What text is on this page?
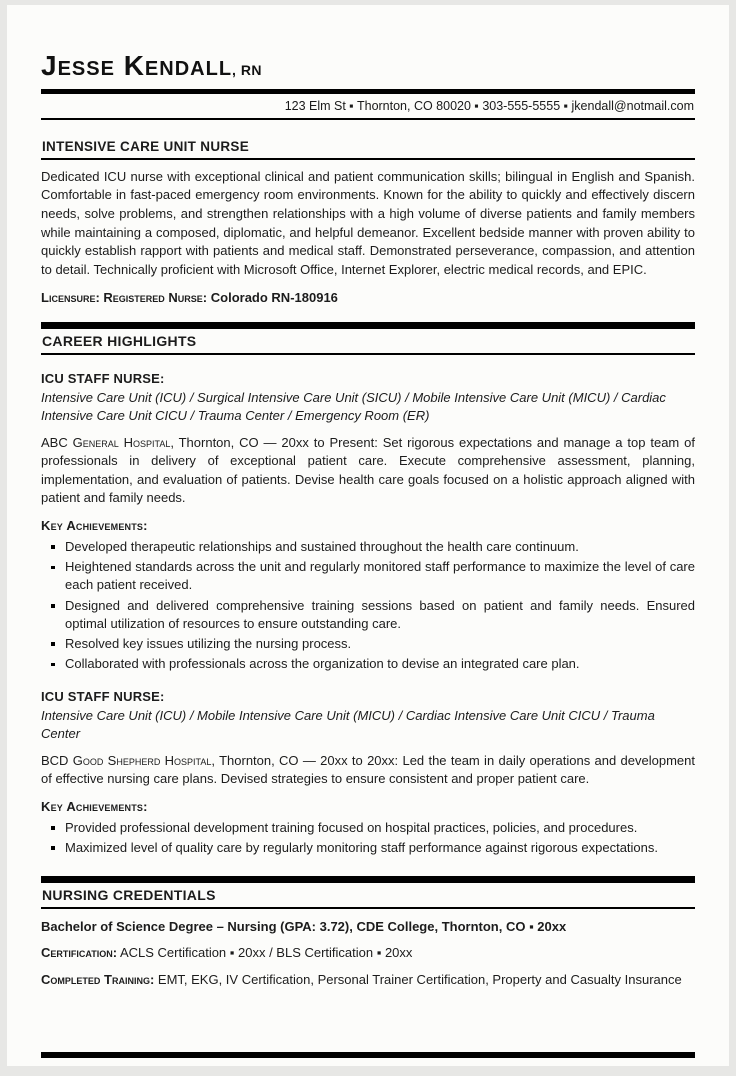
Jesse Kendall, RN
123 Elm St ▪ Thornton, CO 80020 ▪ 303-555-5555 ▪ jkendall@notmail.com
INTENSIVE CARE UNIT NURSE

Dedicated ICU nurse with exceptional clinical and patient communication skills; bilingual in English and Spanish. Comfortable in fast-paced emergency room environments. Known for the ability to quickly and effectively discern needs, solve problems, and strengthen relationships with a high volume of diverse patients and family members while maintaining a composed, diplomatic, and helpful demeanor. Excellent bedside manner with proven ability to quickly establish rapport with patients and medical staff. Demonstrated perseverance, compassion, and attention to detail. Technically proficient with Microsoft Office, Internet Explorer, electric medical records, and EPIC.

Licensure: Registered Nurse: Colorado RN-180916

CAREER HIGHLIGHTS
ICU STAFF NURSE:

Intensive Care Unit (ICU) / Surgical Intensive Care Unit (SICU) / Mobile Intensive Care Unit (MICU) / Cardiac Intensive Care Unit CICU / Trauma Center / Emergency Room (ER)

ABC General Hospital, Thornton, CO — 20xx to Present: Set rigorous expectations and manage a top team of professionals in delivery of exceptional patient care. Execute comprehensive assessment, planning, implementation, and evaluation of patients. Devise health care goals focused on a holistic approach aligned with patient and family needs.

Key Achievements:
Developed therapeutic relationships and sustained throughout the health care continuum.
Heightened standards across the unit and regularly monitored staff performance to maximize the level of care each patient received.
Designed and delivered comprehensive training sessions based on patient and family needs. Ensured optimal utilization of resources to ensure outstanding care.
Resolved key issues utilizing the nursing process.
Collaborated with professionals across the organization to devise an integrated care plan.
ICU STAFF NURSE:

Intensive Care Unit (ICU) / Mobile Intensive Care Unit (MICU) / Cardiac Intensive Care Unit CICU / Trauma Center

BCD Good Shepherd Hospital, Thornton, CO — 20xx to 20xx: Led the team in daily operations and development of effective nursing care plans. Devised strategies to ensure consistent and proper patient care.

Key Achievements:
Provided professional development training focused on hospital practices, policies, and procedures.
Maximized level of quality care by regularly monitoring staff performance against rigorous expectations.
NURSING CREDENTIALS

Bachelor of Science Degree – Nursing (GPA: 3.72), CDE College, Thornton, CO ▪ 20xx

Certification: ACLS Certification ▪ 20xx / BLS Certification ▪ 20xx

Completed Training: EMT, EKG, IV Certification, Personal Trainer Certification, Property and Casualty Insurance
